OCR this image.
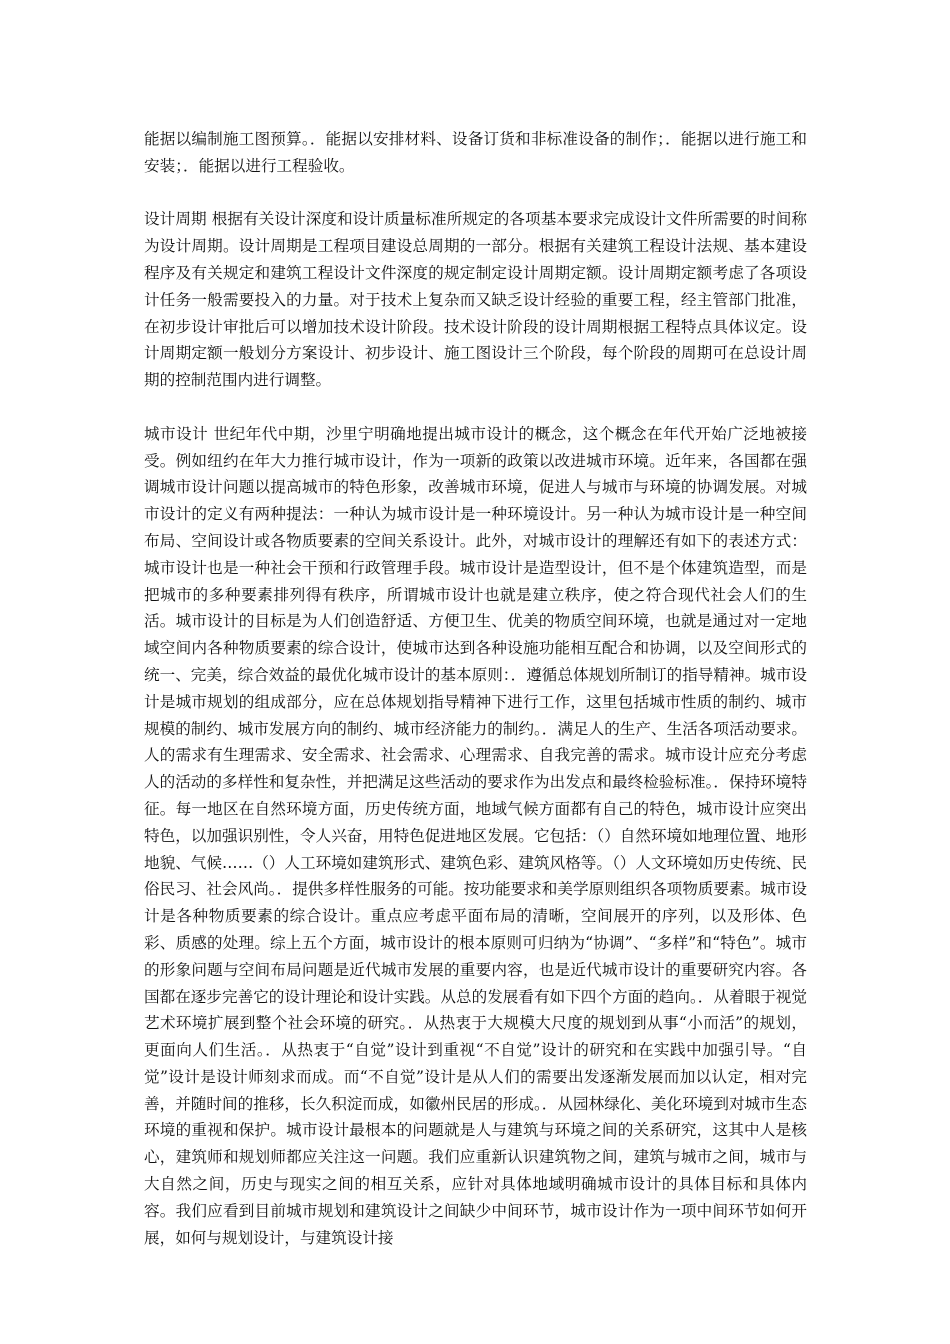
能据以编制施工图预算。．能据以安排材料、设备订货和非标准设备的制作；．能据以进行施工和安装；．能据以进行工程验收。

设计周期 根据有关设计深度和设计质量标准所规定的各项基本要求完成设计文件所需要的时间称为设计周期。设计周期是工程项目建设总周期的一部分。根据有关建筑工程设计法规、基本建设程序及有关规定和建筑工程设计文件深度的规定制定设计周期定额。设计周期定额考虑了各项设计任务一般需要投入的力量。对于技术上复杂而又缺乏设计经验的重要工程，经主管部门批准，在初步设计审批后可以增加技术设计阶段。技术设计阶段的设计周期根据工程特点具体议定。设计周期定额一般划分方案设计、初步设计、施工图设计三个阶段，每个阶段的周期可在总设计周期的控制范围内进行调整。

城市设计 世纪年代中期，沙里宁明确地提出城市设计的概念，这个概念在年代开始广泛地被接受。例如纽约在年大力推行城市设计，作为一项新的政策以改进城市环境。近年来，各国都在强调城市设计问题以提高城市的特色形象，改善城市环境，促进人与城市与环境的协调发展。对城市设计的定义有两种提法：一种认为城市设计是一种环境设计。另一种认为城市设计是一种空间布局、空间设计或各物质要素的空间关系设计。此外，对城市设计的理解还有如下的表述方式：城市设计也是一种社会干预和行政管理手段。城市设计是造型设计，但不是个体建筑造型，而是把城市的多种要素排列得有秩序，所谓城市设计也就是建立秩序，使之符合现代社会人们的生活。城市设计的目标是为人们创造舒适、方便卫生、优美的物质空间环境，也就是通过对一定地域空间内各种物质要素的综合设计，使城市达到各种设施功能相互配合和协调，以及空间形式的统一、完美，综合效益的最优化城市设计的基本原则：．遵循总体规划所制订的指导精神。城市设计是城市规划的组成部分，应在总体规划指导精神下进行工作，这里包括城市性质的制约、城市规模的制约、城市发展方向的制约、城市经济能力的制约。．满足人的生产、生活各项活动要求。人的需求有生理需求、安全需求、社会需求、心理需求、自我完善的需求。城市设计应充分考虑人的活动的多样性和复杂性，并把满足这些活动的要求作为出发点和最终检验标准。．保持环境特征。每一地区在自然环境方面，历史传统方面，地域气候方面都有自己的特色，城市设计应突出特色，以加强识别性，令人兴奋，用特色促进地区发展。它包括：（）自然环境如地理位置、地形地貌、气候……（）人工环境如建筑形式、建筑色彩、建筑风格等。（）人文环境如历史传统、民俗民习、社会风尚。．提供多样性服务的可能。按功能要求和美学原则组织各项物质要素。城市设计是各种物质要素的综合设计。重点应考虑平面布局的清晰，空间展开的序列，以及形体、色彩、质感的处理。综上五个方面，城市设计的根本原则可归纳为“协调”、“多样”和“特色”。城市的形象问题与空间布局问题是近代城市发展的重要内容，也是近代城市设计的重要研究内容。各国都在逐步完善它的设计理论和设计实践。从总的发展看有如下四个方面的趋向。．从着眼于视觉艺术环境扩展到整个社会环境的研究。．从热衷于大规模大尺度的规划到从事“小而活”的规划，更面向人们生活。．从热衷于“自觉”设计到重视“不自觉”设计的研究和在实践中加强引导。“自觉”设计是设计师刻求而成。而“不自觉”设计是从人们的需要出发逐渐发展而加以认定，相对完善，并随时间的推移，长久积淀而成，如徽州民居的形成。．从园林绿化、美化环境到对城市生态环境的重视和保护。城市设计最根本的问题就是人与建筑与环境之间的关系研究，这其中人是核心，建筑师和规划师都应关注这一问题。我们应重新认识建筑物之间，建筑与城市之间，城市与大自然之间，历史与现实之间的相互关系，应针对具体地域明确城市设计的具体目标和具体内容。我们应看到目前城市规划和建筑设计之间缺少中间环节，城市设计作为一项中间环节如何开展，如何与规划设计，与建筑设计接
